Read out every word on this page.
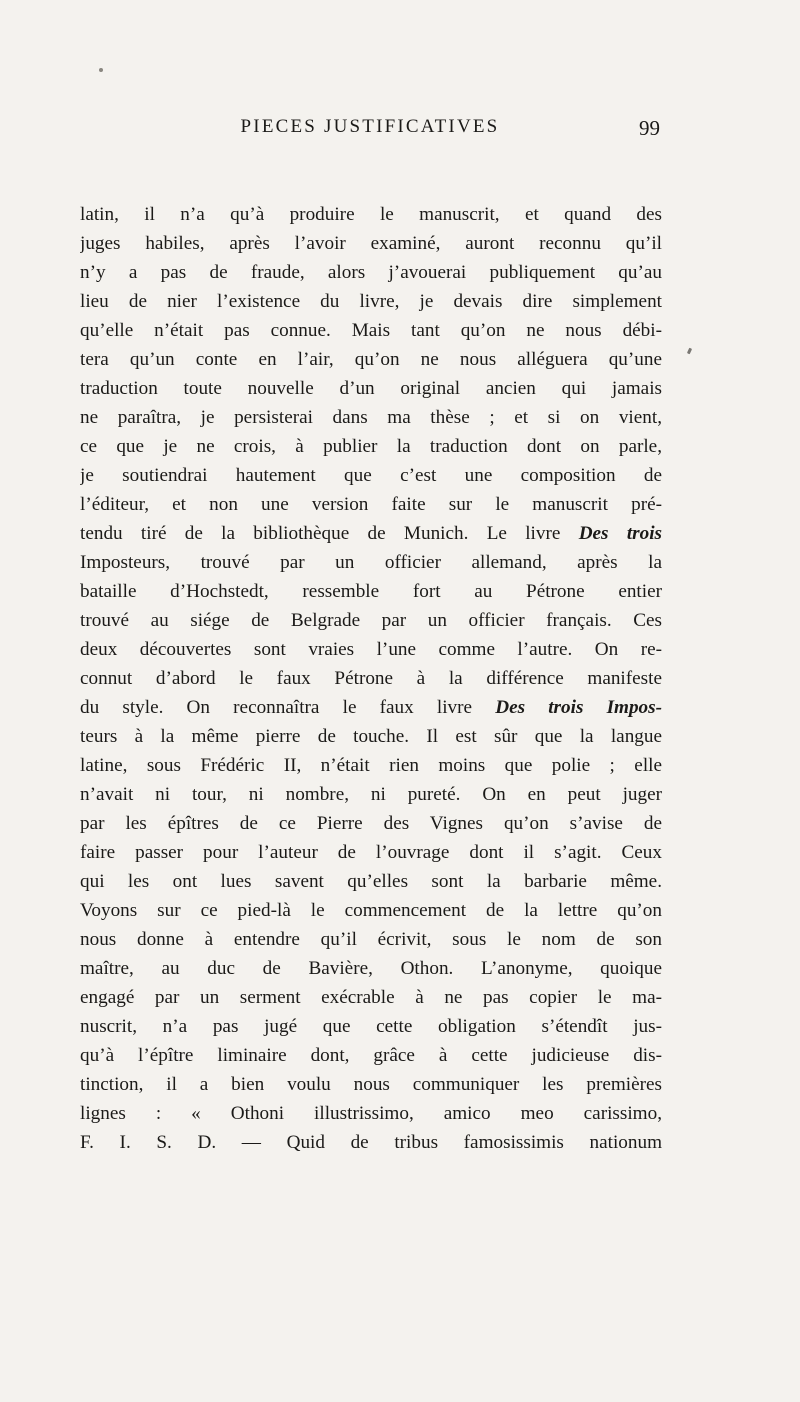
PIECES JUSTIFICATIVES	99
latin, il n’a qu’à produire le manuscrit, et quand des
juges habiles, après l’avoir examiné, auront reconnu qu’il
n’y a pas de fraude, alors j’avouerai publiquement qu’au
lieu de nier l’existence du livre, je devais dire simplement
qu’elle n’était pas connue. Mais tant qu’on ne nous débi-
tera qu’un conte en l’air, qu’on ne nous alléguera qu’une
traduction toute nouvelle d’un original ancien qui jamais
ne paraîtra, je persisterai dans ma thèse ; et si on vient,
ce que je ne crois, à publier la traduction dont on parle,
je soutiendrai hautement que c’est une composition de
l’éditeur, et non une version faite sur le manuscrit pré-
tendu tiré de la bibliothèque de Munich. Le livre Des trois
Imposteurs, trouvé par un officier allemand, après la
bataille d’Hochstedt, ressemble fort au Pétrone entier
trouvé au siége de Belgrade par un officier français. Ces
deux découvertes sont vraies l’une comme l’autre. On re-
connut d’abord le faux Pétrone à la différence manifeste
du style. On reconnaîtra le faux livre Des trois Impos-
teurs à la même pierre de touche. Il est sûr que la langue
latine, sous Frédéric II, n’était rien moins que polie ; elle
n’avait ni tour, ni nombre, ni pureté. On en peut juger
par les épîtres de ce Pierre des Vignes qu’on s’avise de
faire passer pour l’auteur de l’ouvrage dont il s’agit. Ceux
qui les ont lues savent qu’elles sont la barbarie même.
Voyons sur ce pied-là le commencement de la lettre qu’on
nous donne à entendre qu’il écrivit, sous le nom de son
maître, au duc de Bavière, Othon. L’anonyme, quoique
engagé par un serment exécrable à ne pas copier le ma-
nuscrit, n’a pas jugé que cette obligation s’étendît jus-
qu’à l’épître liminaire dont, grâce à cette judicieuse dis-
tinction, il a bien voulu nous communiquer les premières
lignes : « Othoni illustrissimo, amico meo carissimo,
F. I. S. D. — Quid de tribus famosissimis nationum
